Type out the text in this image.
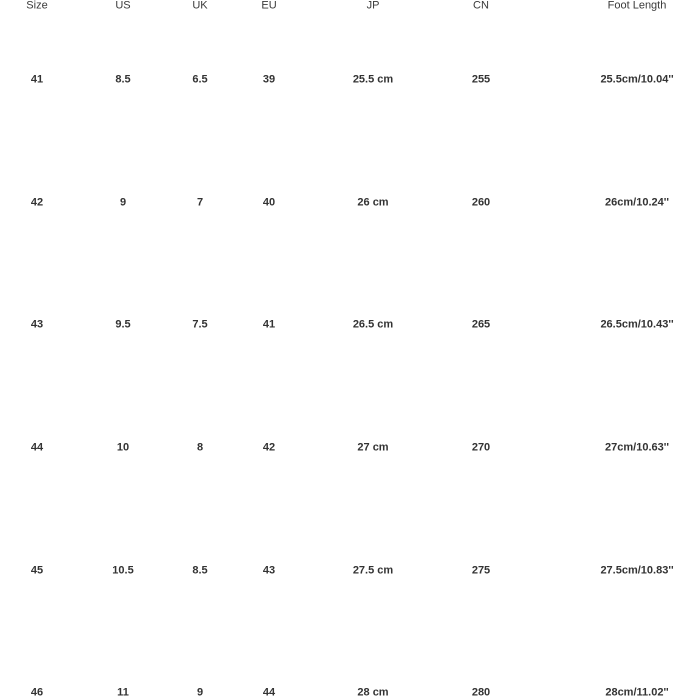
Size	US	UK	EU	JP	CN	Foot Length
41	8.5	6.5	39	25.5 cm	255	25.5cm/10.04''
42	9	7	40	26 cm	260	26cm/10.24''
43	9.5	7.5	41	26.5 cm	265	26.5cm/10.43''
44	10	8	42	27 cm	270	27cm/10.63''
45	10.5	8.5	43	27.5 cm	275	27.5cm/10.83''
46	11	9	44	28 cm	280	28cm/11.02''
